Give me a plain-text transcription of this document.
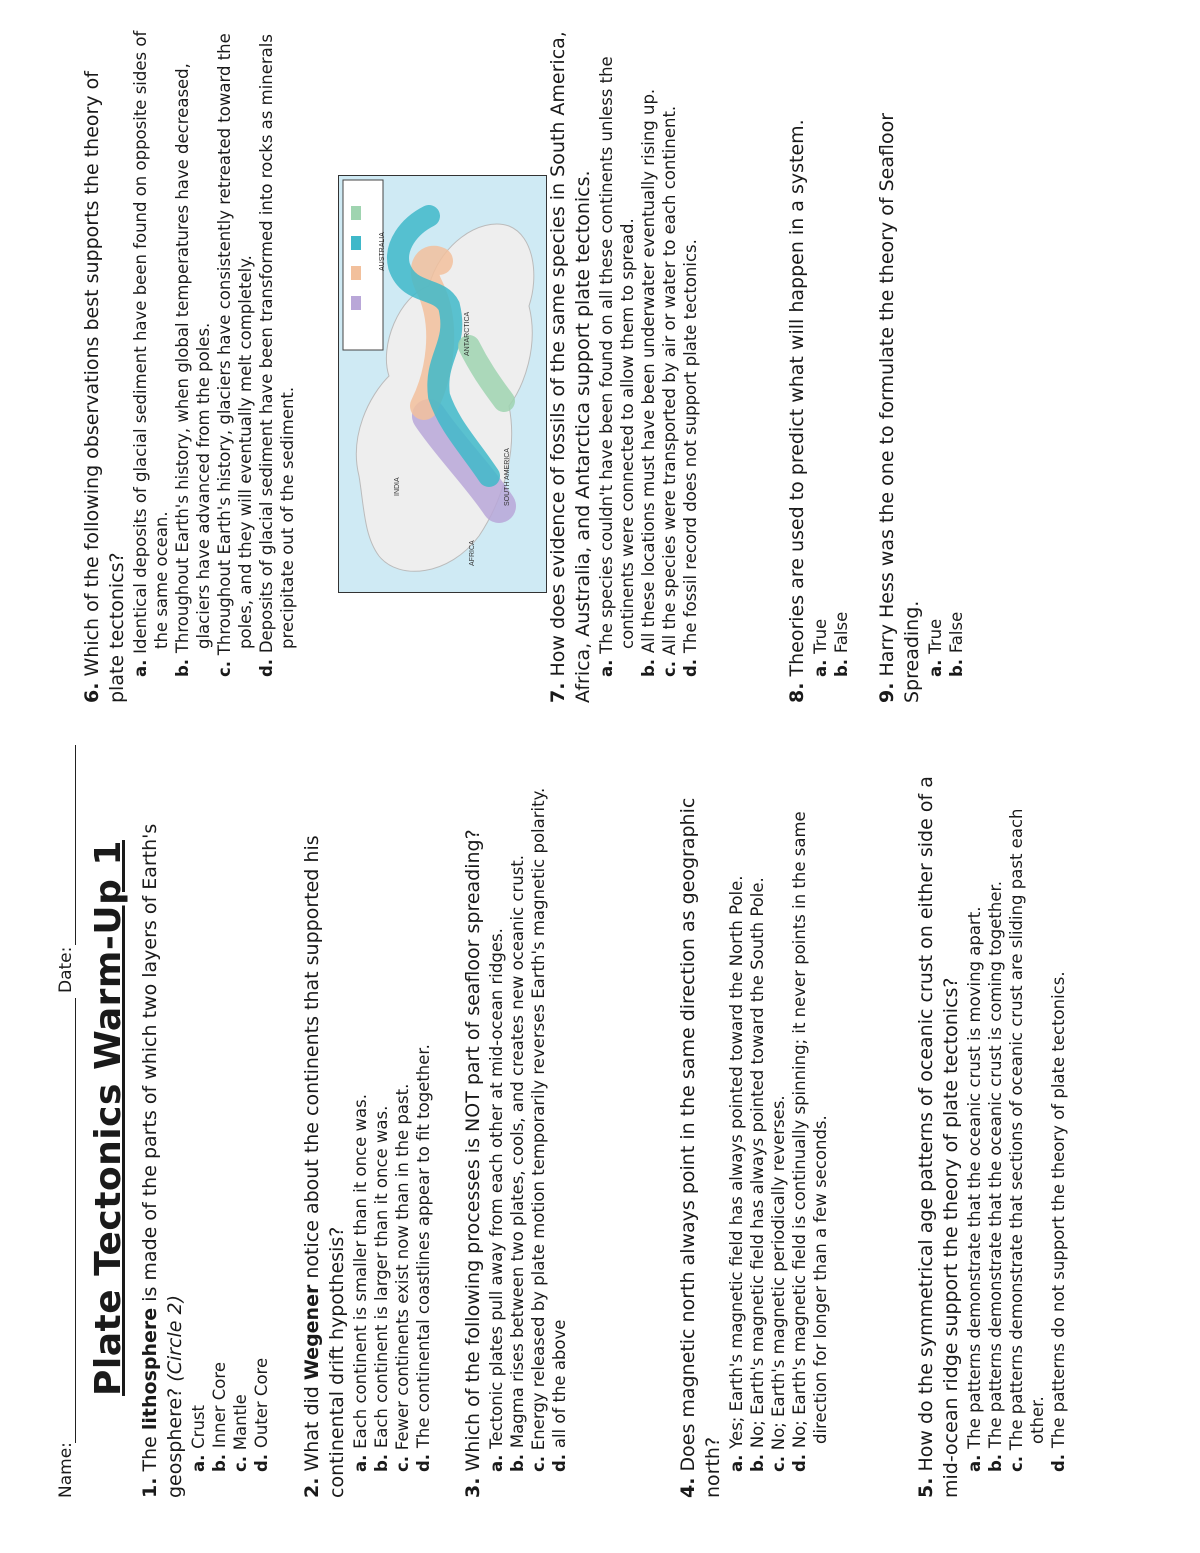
Name:
Date: Plate Tectonics Warm-Up 1
1. The lithosphere is made of the parts of which two layers of Earth's geosphere? (Circle 2)
a. Crust
b. Inner Core
c. Mantle
d. Outer Core
2. What did Wegener notice about the continents that supported his continental drift hypothesis? a. Each continent is smaller than it once was.
b. Each continent is larger than it once was.
c. Fewer continents exist now than in the past.
d. The continental coastlines appear to fit together.
3. Which of the following processes is NOT part of seafloor spreading? a. Tectonic plates pull away from each other at mid-ocean ridges.
b. Magma rises between two plates, cools, and creates new oceanic crust.
c. Energy released by plate motion temporarily reverses Earth's magnetic polarity.
d. all of the above
4. Does magnetic north always point in the same direction as geographic north? a. Yes; Earth's magnetic field has always pointed toward the North Pole.
b. No; Earth's magnetic field has always pointed toward the South Pole.
c. No; Earth's magnetic periodically reverses.
d. No; Earth's magnetic field is continually spinning; it never points in the same direction for longer than a few seconds.
5. How do the symmetrical age patterns of oceanic crust on either side of a mid-ocean ridge support the theory of plate tectonics? a. The patterns demonstrate that the oceanic crust is moving apart.
b. The patterns demonstrate that the oceanic crust is coming together.
c. The patterns demonstrate that sections of oceanic crust are sliding past each other.
d. The patterns do not support the theory of plate tectonics.
6. Which of the following observations best supports the theory of plate tectonics? a. Identical deposits of glacial sediment have been found on opposite sides of the same ocean.
b. Throughout Earth's history, when global temperatures have decreased, glaciers have advanced from the poles.
c. Throughout Earth's history, glaciers have consistently retreated toward the poles, and they will eventually melt completely.
d. Deposits of glacial sediment have been transformed into rocks as minerals precipitate out of the sediment.
7. How does evidence of fossils of the same species in South America, Africa, Australia, and Antarctica support plate tectonics. a. The species couldn't have been found on all these continents unless the continents were connected to allow them to spread.
b. All these locations must have been underwater eventually rising up.
c. All the species were transported by air or water to each continent.
d. The fossil record does not support plate tectonics.
8. Theories are used to predict what will happen in a system. a. True
b. False
9. Harry Hess was the one to formulate the theory of Seafloor Spreading. a. True
b. False
AFRICA
SOUTH AMERICA
INDIA
ANTARCTICA
AUSTRALIA
